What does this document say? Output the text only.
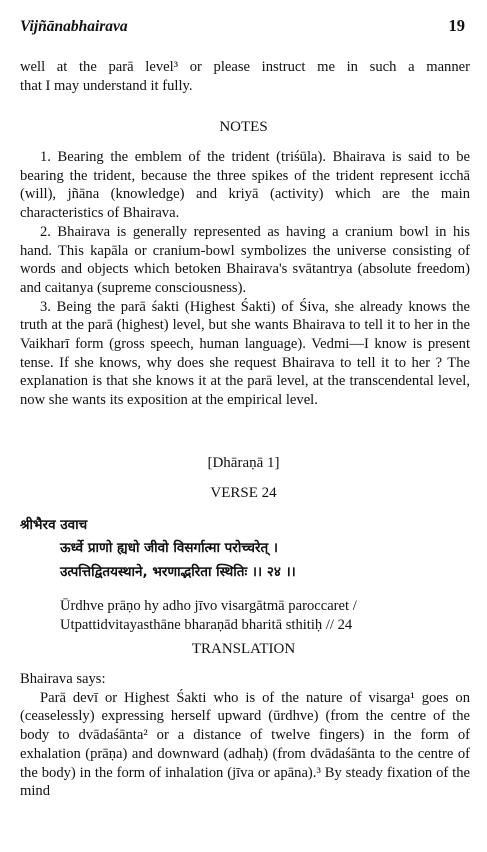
Vijñānabhairava	19

well at the parā level³ or please instruct me in such a manner

that I may understand it fully.

NOTES

1. Bearing the emblem of the trident (triśūla). Bhairava is said to be bearing the trident, because the three spikes of the trident represent icchā (will), jñāna (knowledge) and kriyā (activity) which are the main characteristics of Bhairava.

2. Bhairava is generally represented as having a cranium bowl in his hand. This kapāla or cranium-bowl symbolizes the universe consisting of words and objects which betoken Bhairava's svātantrya (absolute freedom) and caitanya (supreme consciousness).

3. Being the parā śakti (Highest Śakti) of Śiva, she already knows the truth at the parā (highest) level, but she wants Bhairava to tell it to her in the Vaikharī form (gross speech, human language). Vedmi—I know is present tense. If she knows, why does she request Bhairava to tell it to her ? The explanation is that she knows it at the parā level, at the transcendental level, now she wants its exposition at the empirical level.

[Dhāraṇā 1]
VERSE 24
श्रीभैरव उवाच
ऊर्ध्वे प्राणो ह्यधो जीवो विसर्गात्मा परोच्चरेत् ।
उत्पत्तिद्वितयस्थाने, भरणाद्भरिता स्थितिः ।। २४ ।।

Ūrdhve prāṇo hy adho jīvo visargātmā paroccaret /

Utpattidvitayasthāne bharaṇād bharitā sthitiḥ // 24

TRANSLATION

Bhairava says:

Parā devī or Highest Śakti who is of the nature of visarga¹ goes on (ceaselessly) expressing herself upward (ūrdhve) (from the centre of the body to dvādaśānta² or a distance of twelve fingers) in the form of exhalation (prāṇa) and downward (adhaḥ) (from dvādaśānta to the centre of the body) in the form of inhalation (jīva or apāna).³ By steady fixation of the mind
